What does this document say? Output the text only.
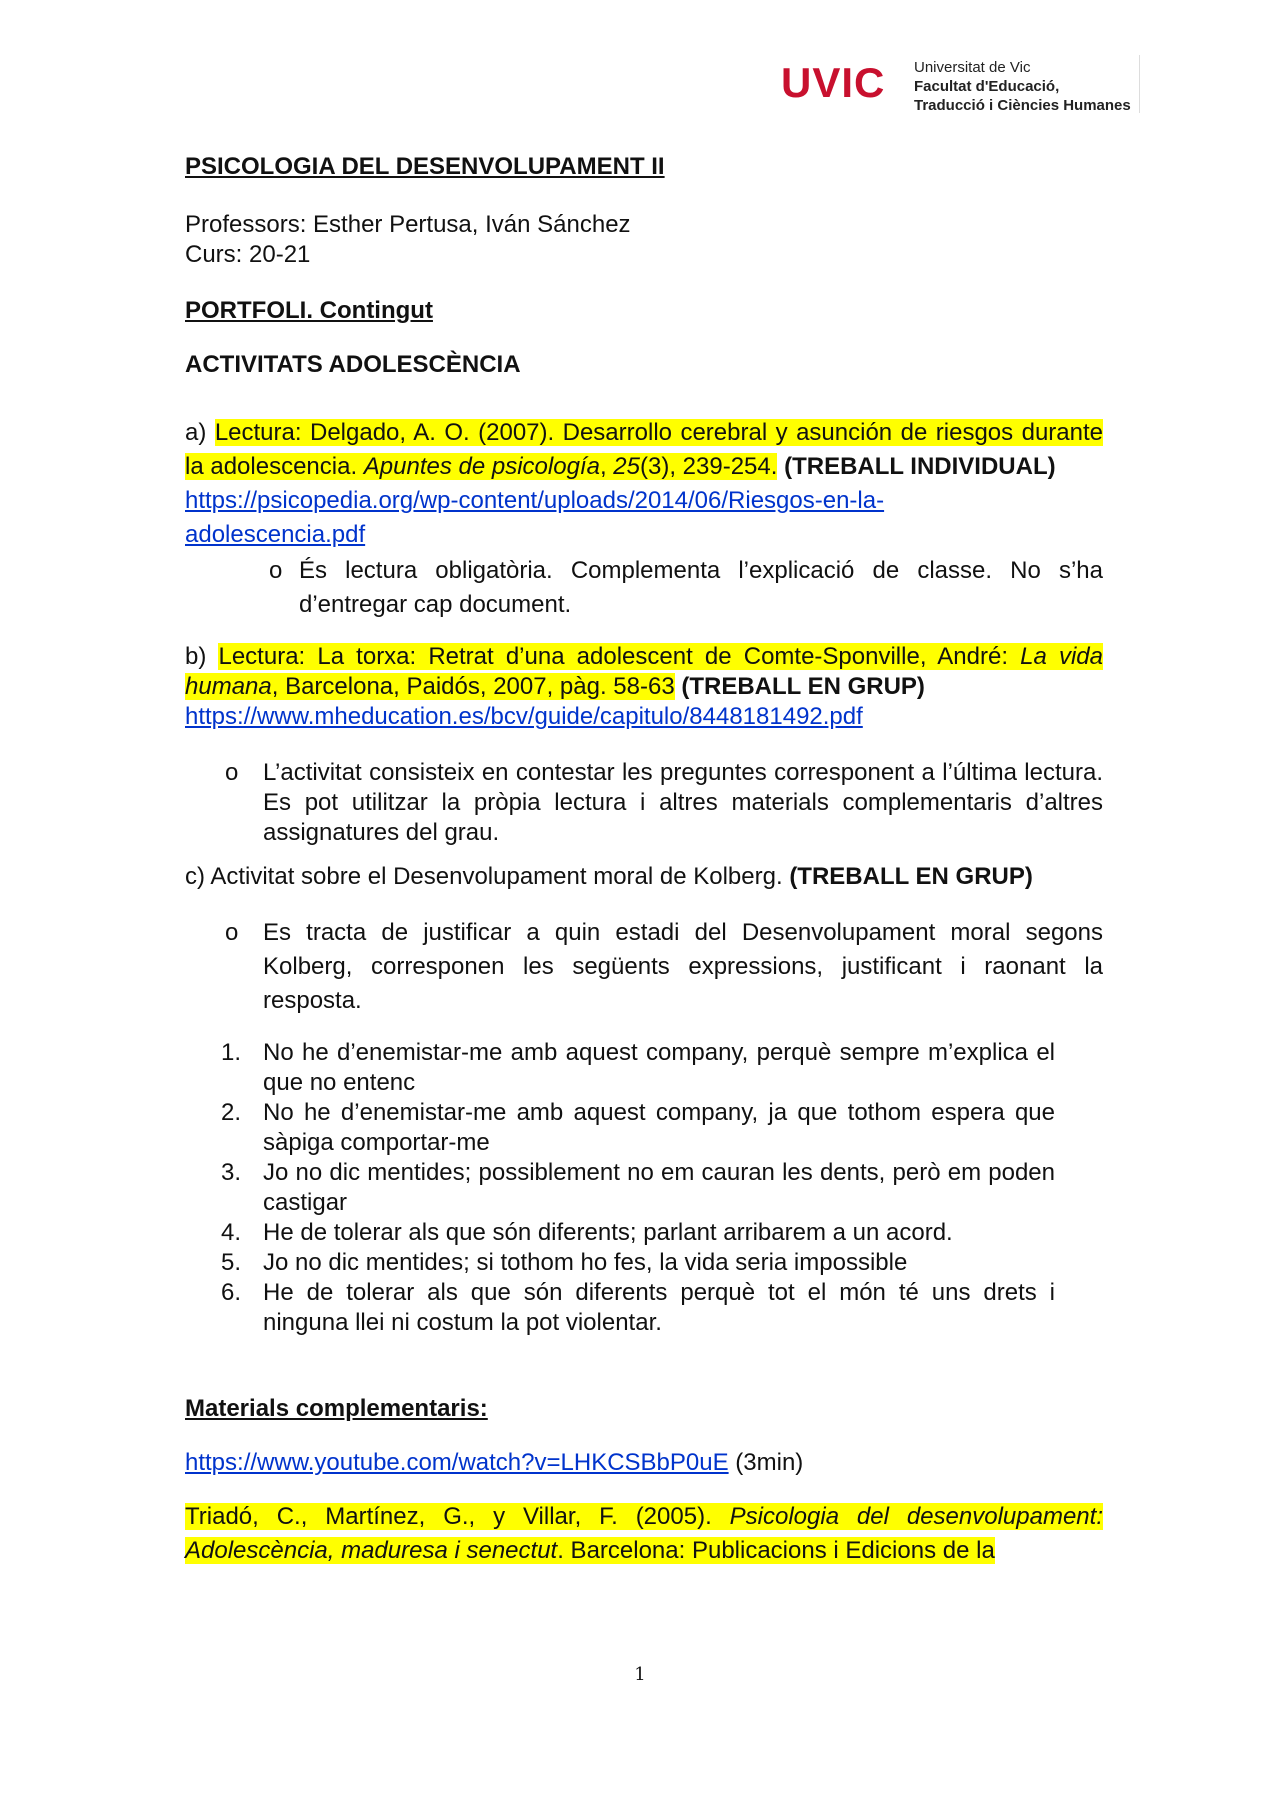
UVIC Universitat de Vic
Facultat d'Educació,
Traducció i Ciències Humanes

PSICOLOGIA DEL DESENVOLUPAMENT II

Professors: Esther Pertusa, Iván Sánchez

Curs: 20-21

PORTFOLI. Contingut

ACTIVITATS ADOLESCÈNCIA

a) Lectura: Delgado, A. O. (2007). Desarrollo cerebral y asunción de riesgos durante la adolescencia. Apuntes de psicología, 25(3), 239-254. (TREBALL INDIVIDUAL)

https://psicopedia.org/wp-content/uploads/2014/06/Riesgos-en-la-
adolescencia.pdf

o És lectura obligatòria. Complementa l’explicació de classe. No s’ha d’entregar cap document.

b) Lectura: La torxa: Retrat d’una adolescent de Comte-Sponville, André: La vida humana, Barcelona, Paidós, 2007, pàg. 58-63 (TREBALL EN GRUP)

https://www.mheducation.es/bcv/guide/capitulo/8448181492.pdf

o L’activitat consisteix en contestar les preguntes corresponent a l’última lectura. Es pot utilitzar la pròpia lectura i altres materials complementaris d’altres assignatures del grau.

c) Activitat sobre el Desenvolupament moral de Kolberg. (TREBALL EN GRUP)

o Es tracta de justificar a quin estadi del Desenvolupament moral segons Kolberg, corresponen les següents expressions, justificant i raonant la resposta.

1. No he d’enemistar-me amb aquest company, perquè sempre m’explica el que no entenc
2. No he d’enemistar-me amb aquest company, ja que tothom espera que sàpiga comportar-me
3. Jo no dic mentides; possiblement no em cauran les dents, però em poden castigar
4. He de tolerar als que són diferents; parlant arribarem a un acord.
5. Jo no dic mentides; si tothom ho fes, la vida seria impossible
6. He de tolerar als que són diferents perquè tot el món té uns drets i ninguna llei ni costum la pot violentar.

Materials complementaris:

https://www.youtube.com/watch?v=LHKCSBbP0uE (3min)

Triadó, C., Martínez, G., y Villar, F. (2005). Psicologia del desenvolupament: Adolescència, maduresa i senectut. Barcelona: Publicacions i Edicions de la

1
